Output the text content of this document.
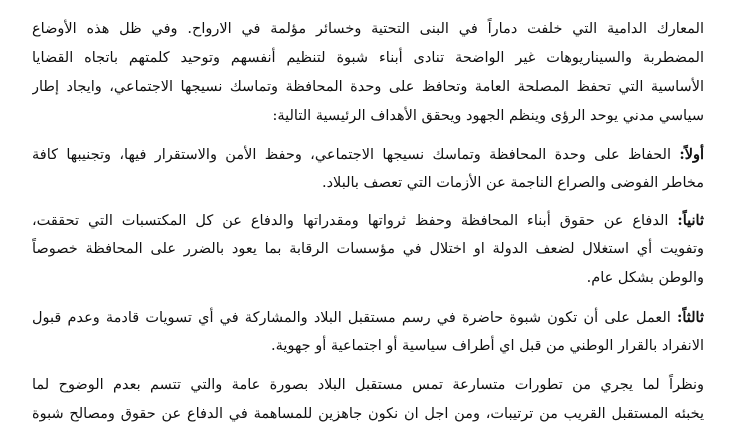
المعارك الدامية التي خلفت دماراً في البنى التحتية وخسائر مؤلمة في الارواح. وفي ظل هذه الأوضاع
المضطربة والسيناريوهات غير الواضحة تنادى أبناء شبوة لتنظيم أنفسهم وتوحيد كلمتهم باتجاه القضايا
الأساسية التي تحفظ المصلحة العامة وتحافظ على وحدة المحافظة وتماسك نسيجها الاجتماعي، وايجاد إطار
سياسي مدني يوحد الرؤى وينظم الجهود ويحقق الأهداف الرئيسية التالية:
أولاً: الحفاظ على وحدة المحافظة وتماسك نسيجها الاجتماعي، وحفظ الأمن والاستقرار فيها، وتجنيبها كافة
مخاطر الفوضى والصراع الناجمة عن الأزمات التي تعصف بالبلاد.
ثانياً: الدفاع عن حقوق أبناء المحافظة وحفظ ثرواتها ومقدراتها والدفاع عن كل المكتسبات التي تحققت،
وتفويت أي استغلال لضعف الدولة او اختلال في مؤسسات الرقابة بما يعود بالضرر على المحافظة خصوصاً
والوطن بشكل عام.
ثالثاً: العمل على أن تكون شبوة حاضرة في رسم مستقبل البلاد والمشاركة في أي تسويات قادمة وعدم قبول
الانفراد بالقرار الوطني من قبل اي أطراف سياسية أو اجتماعية أو جهوية.
ونظراً لما يجري من تطورات متسارعة تمس مستقبل البلاد بصورة عامة والتي تتسم بعدم الوضوح لما
يخبئه المستقبل القريب من ترتيبات، ومن اجل ان نكون جاهزين للمساهمة في الدفاع عن حقوق ومصالح شبوة
